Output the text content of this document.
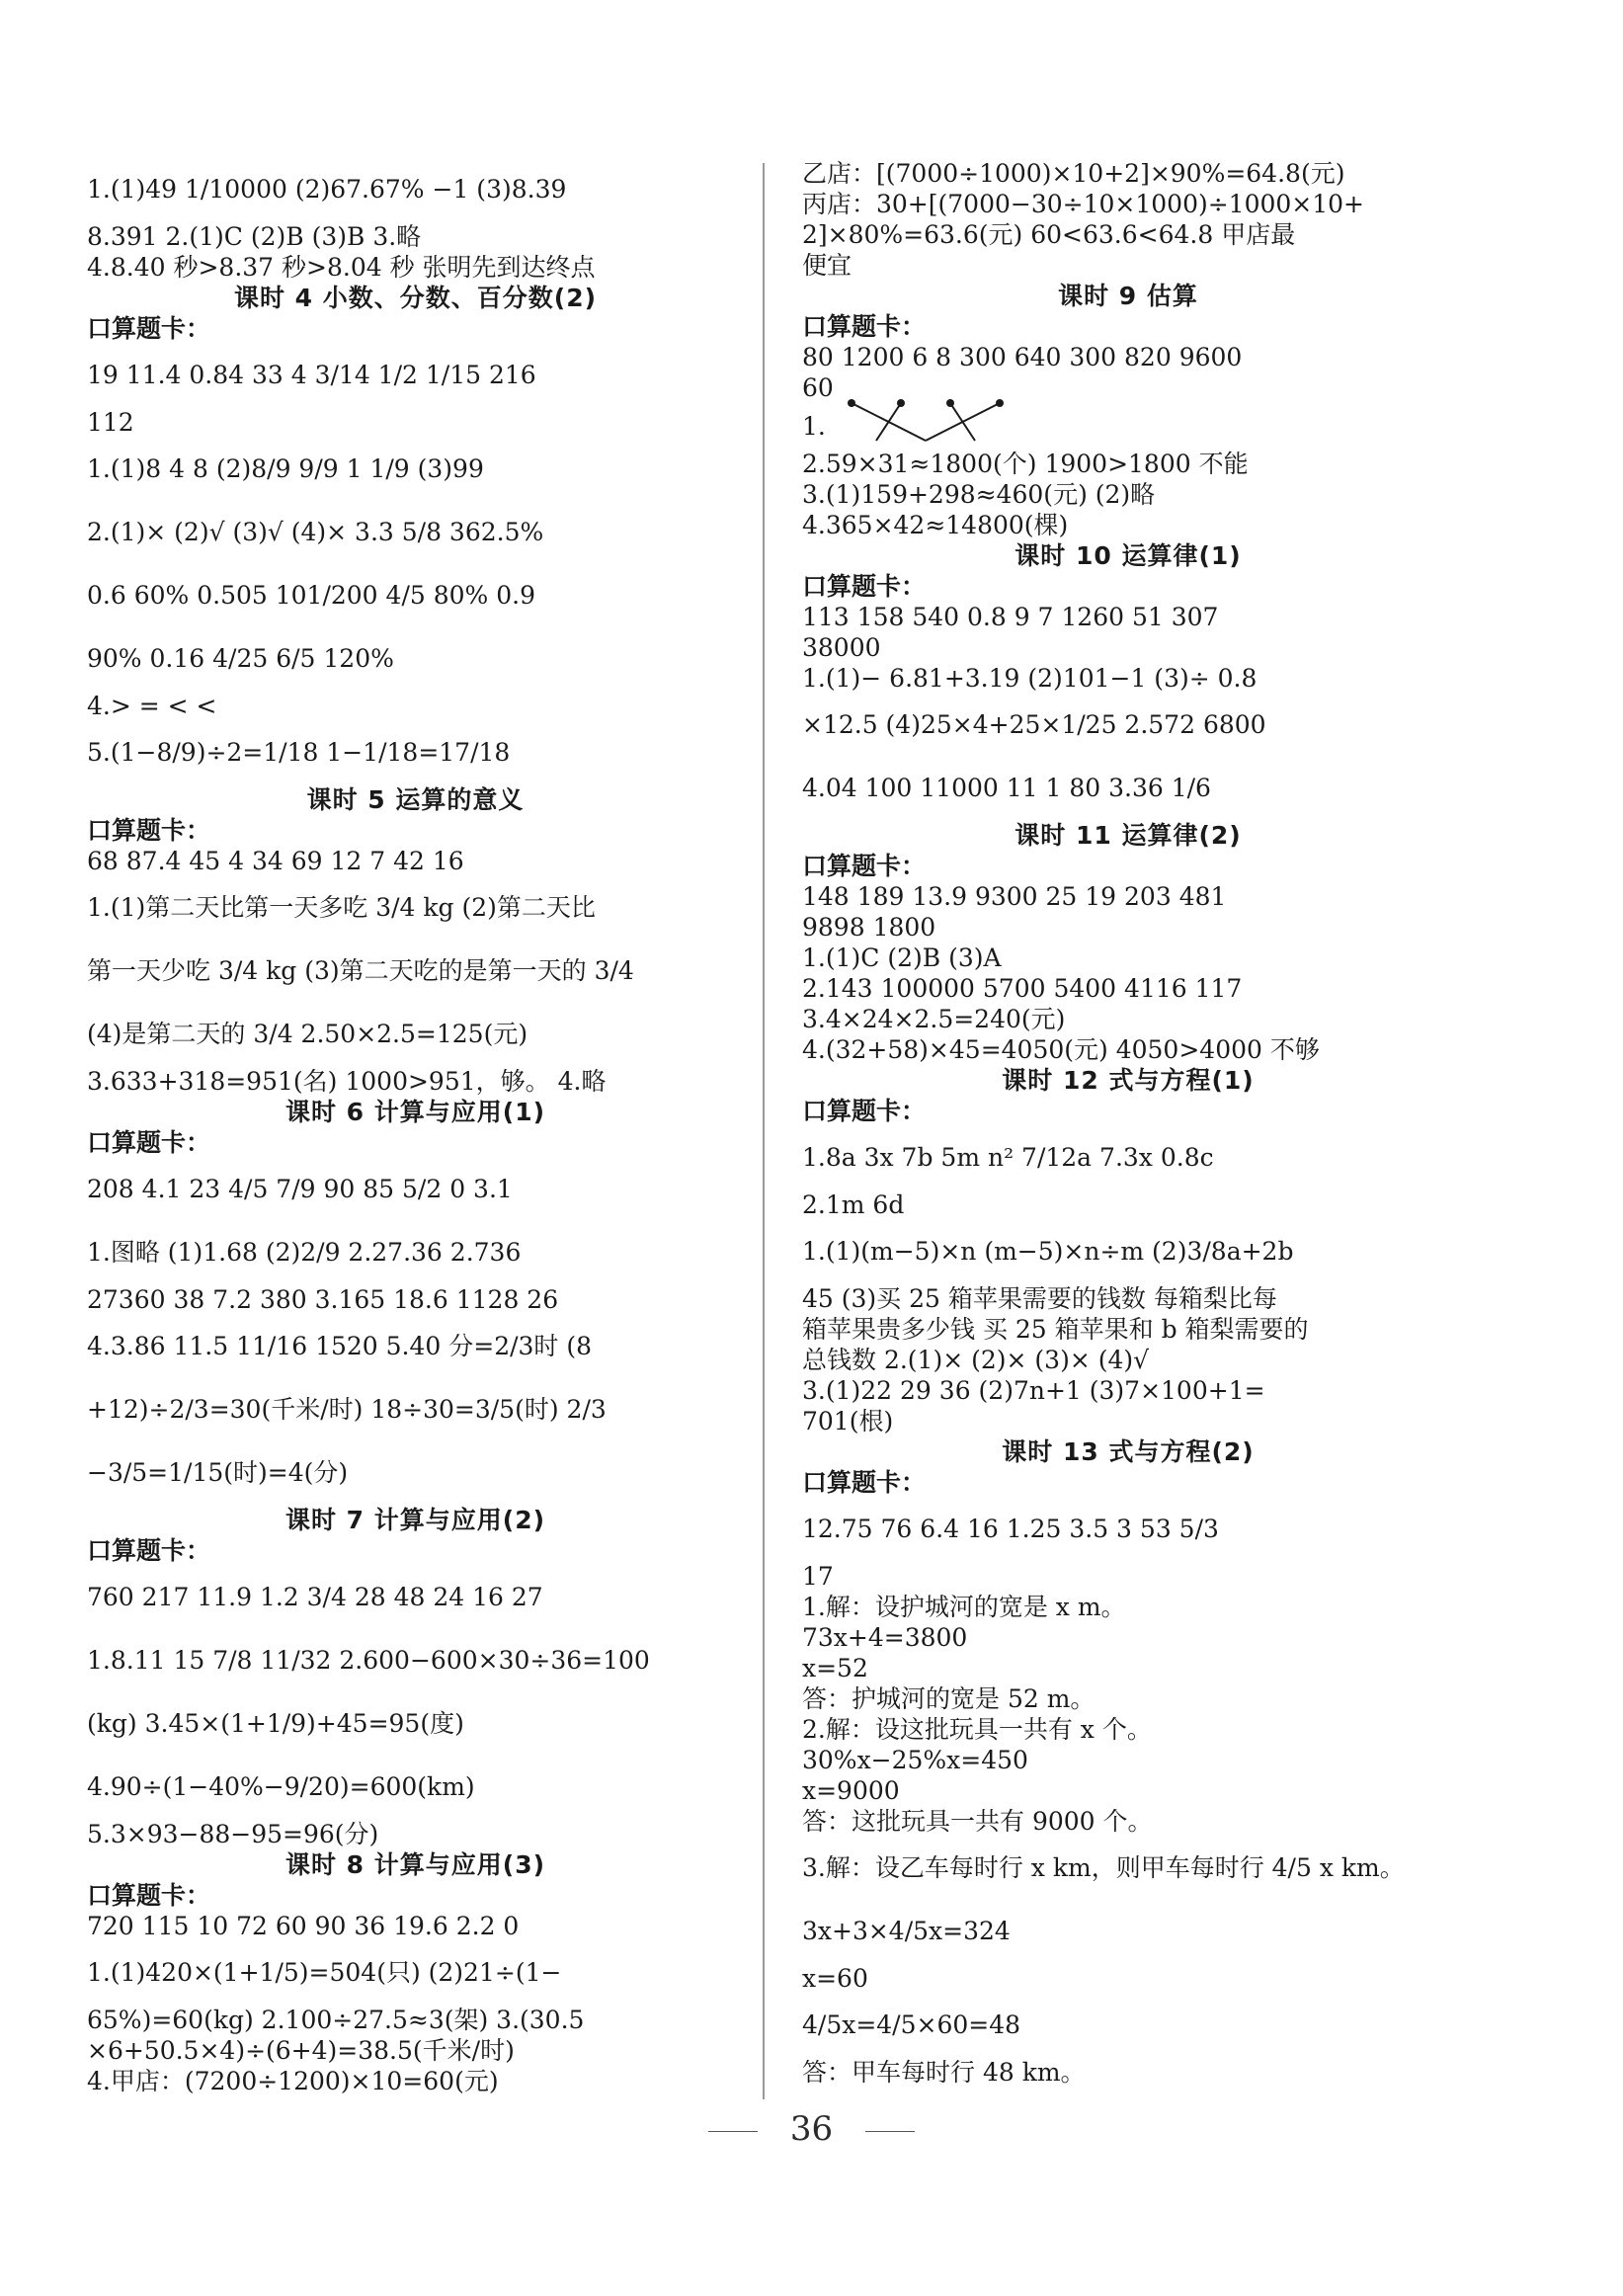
1.(1)49 1/10000 (2)67.67% −1 (3)8.39
8.391 2.(1)C (2)B (3)B 3.略
4.8.40 秒>8.37 秒>8.04 秒 张明先到达终点
课时 4 小数、分数、百分数(2)
口算题卡：
19 11.4 0.84 33 4 3/14 1/2 1/15 216
112
1.(1)8 4 8 (2)8/9 9/9 1 1/9 (3)99
2.(1)× (2)√ (3)√ (4)× 3.3 5/8 362.5%
0.6 60% 0.505 101/200 4/5 80% 0.9
90% 0.16 4/25 6/5 120%
4.> = < <
5.(1−8/9)÷2=1/18 1−1/18=17/18
课时 5 运算的意义
口算题卡：
68 87.4 45 4 34 69 12 7 42 16
1.(1)第二天比第一天多吃 3/4 kg (2)第二天比
第一天少吃 3/4 kg (3)第二天吃的是第一天的 3/4
(4)是第二天的 3/4 2.50×2.5=125(元)
3.633+318=951(名) 1000>951，够。 4.略
课时 6 计算与应用(1)
口算题卡：
208 4.1 23 4/5 7/9 90 85 5/2 0 3.1
1.图略 (1)1.68 (2)2/9 2.27.36 2.736
27360 38 7.2 380 3.165 18.6 1128 26
4.3.86 11.5 11/16 1520 5.40 分=2/3时 (8
+12)÷2/3=30(千米/时) 18÷30=3/5(时) 2/3
−3/5=1/15(时)=4(分)
课时 7 计算与应用(2)
口算题卡：
760 217 11.9 1.2 3/4 28 48 24 16 27
1.8.11 15 7/8 11/32 2.600−600×30÷36=100
(kg) 3.45×(1+1/9)+45=95(度)
4.90÷(1−40%−9/20)=600(km)
5.3×93−88−95=96(分)
课时 8 计算与应用(3)
口算题卡：
720 115 10 72 60 90 36 19.6 2.2 0
1.(1)420×(1+1/5)=504(只) (2)21÷(1−
65%)=60(kg) 2.100÷27.5≈3(架) 3.(30.5
×6+50.5×4)÷(6+4)=38.5(千米/时)
4.甲店：(7200÷1200)×10=60(元)
乙店：[(7000÷1000)×10+2]×90%=64.8(元)
丙店：30+[(7000−30÷10×1000)÷1000×10+
2]×80%=63.6(元) 60<63.6<64.8 甲店最
便宜
课时 9 估算
口算题卡：
80 1200 6 8 300 640 300 820 9600
60
1.
2.59×31≈1800(个) 1900>1800 不能
3.(1)159+298≈460(元) (2)略
4.365×42≈14800(棵)
课时 10 运算律(1)
口算题卡：
113 158 540 0.8 9 7 1260 51 307
38000
1.(1)− 6.81+3.19 (2)101−1 (3)÷ 0.8
×12.5 (4)25×4+25×1/25 2.572 6800
4.04 100 11000 11 1 80 3.36 1/6
课时 11 运算律(2)
口算题卡：
148 189 13.9 9300 25 19 203 481
9898 1800
1.(1)C (2)B (3)A
2.143 100000 5700 5400 4116 117
3.4×24×2.5=240(元)
4.(32+58)×45=4050(元) 4050>4000 不够
课时 12 式与方程(1)
口算题卡：
1.8a 3x 7b 5m n² 7/12a 7.3x 0.8c
2.1m 6d
1.(1)(m−5)×n (m−5)×n÷m (2)3/8a+2b
45 (3)买 25 箱苹果需要的钱数 每箱梨比每
箱苹果贵多少钱 买 25 箱苹果和 b 箱梨需要的
总钱数 2.(1)× (2)× (3)× (4)√
3.(1)22 29 36 (2)7n+1 (3)7×100+1=
701(根)
课时 13 式与方程(2)
口算题卡：
12.75 76 6.4 16 1.25 3.5 3 53 5/3
17
1.解：设护城河的宽是 x m。
73x+4=3800
x=52
答：护城河的宽是 52 m。
2.解：设这批玩具一共有 x 个。
30%x−25%x=450
x=9000
答：这批玩具一共有 9000 个。
3.解：设乙车每时行 x km，则甲车每时行 4/5 x km。
3x+3×4/5x=324
x=60
4/5x=4/5×60=48
答：甲车每时行 48 km。
36
